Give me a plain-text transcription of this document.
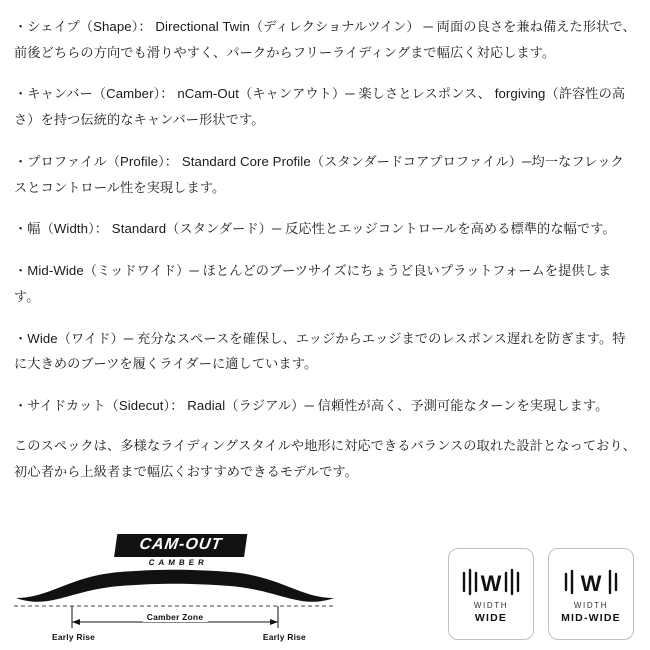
・シェイプ（Shape）： Directional Twin（ディレクショナルツイン） ─ 両面の良さを兼ね備えた形状で、前後どちらの方向でも滑りやすく、パークからフリーライディングまで幅広く対応します。

・キャンバー（Camber）： nCam-Out（キャンアウト）─ 楽しさとレスポンス、 forgiving（許容性の高さ）を持つ伝統的なキャンバー形状です。

・プロファイル（Profile）： Standard Core Profile（スタンダードコアプロファイル）─均一なフレックスとコントロール性を実現します。

・幅（Width）： Standard（スタンダード）─ 反応性とエッジコントロールを高める標準的な幅です。

・Mid-Wide（ミッドワイド）─ ほとんどのブーツサイズにちょうど良いプラットフォームを提供します。

・Wide（ワイド）─ 充分なスペースを確保し、エッジからエッジまでのレスポンス遅れを防ぎます。特に大きめのブーツを履くライダーに適しています。

・サイドカット（Sidecut）： Radial（ラジアル）─ 信頼性が高く、予測可能なターンを実現します。

このスペックは、多様なライディングスタイルや地形に対応できるバランスの取れた設計となっており、初心者から上級者まで幅広くおすすめできるモデルです。

CAM-OUT
CAMBER
Camber Zone
Early Rise	Early Rise
W
WIDTH
WIDE
W
WIDTH
MID-WIDE
